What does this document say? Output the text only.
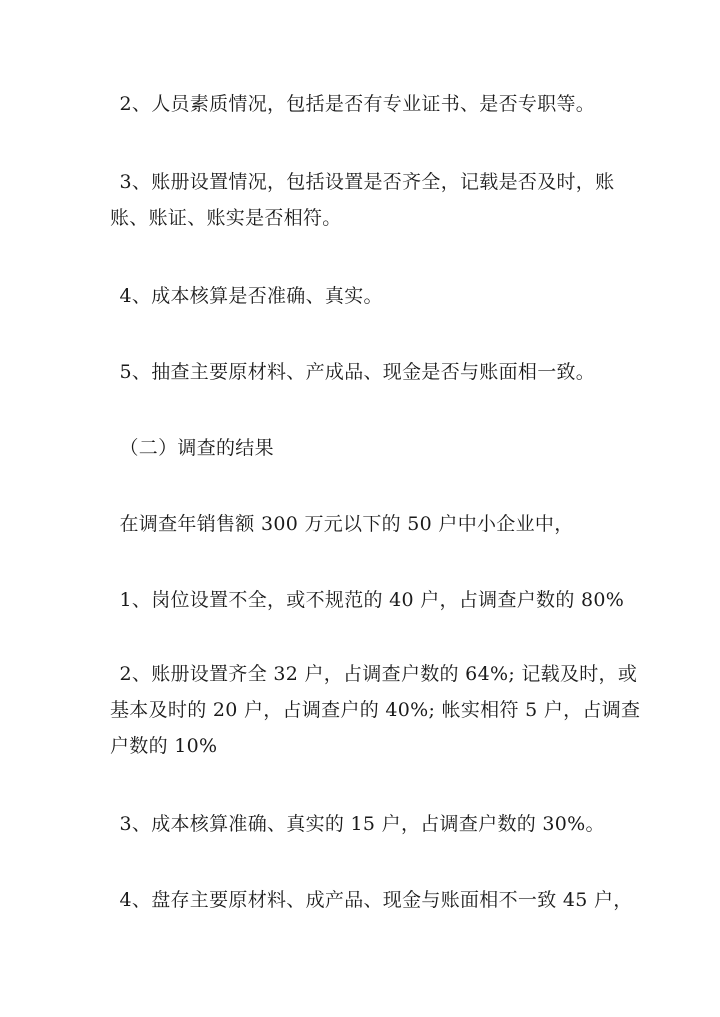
2、人员素质情况，包括是否有专业证书、是否专职等。
3、账册设置情况，包括设置是否齐全，记载是否及时，账
账、账证、账实是否相符。
4、成本核算是否准确、真实。
5、抽查主要原材料、产成品、现金是否与账面相一致。
（二）调查的结果
在调查年销售额 300 万元以下的 50 户中小企业中，
1、岗位设置不全，或不规范的 40 户，占调查户数的 80%
2、账册设置齐全 32 户，占调查户数的 64%; 记载及时，或
基本及时的 20 户，占调查户的 40%; 帐实相符 5 户，占调查
户数的 10%
3、成本核算准确、真实的 15 户，占调查户数的 30%。
4、盘存主要原材料、成产品、现金与账面相不一致 45 户，
